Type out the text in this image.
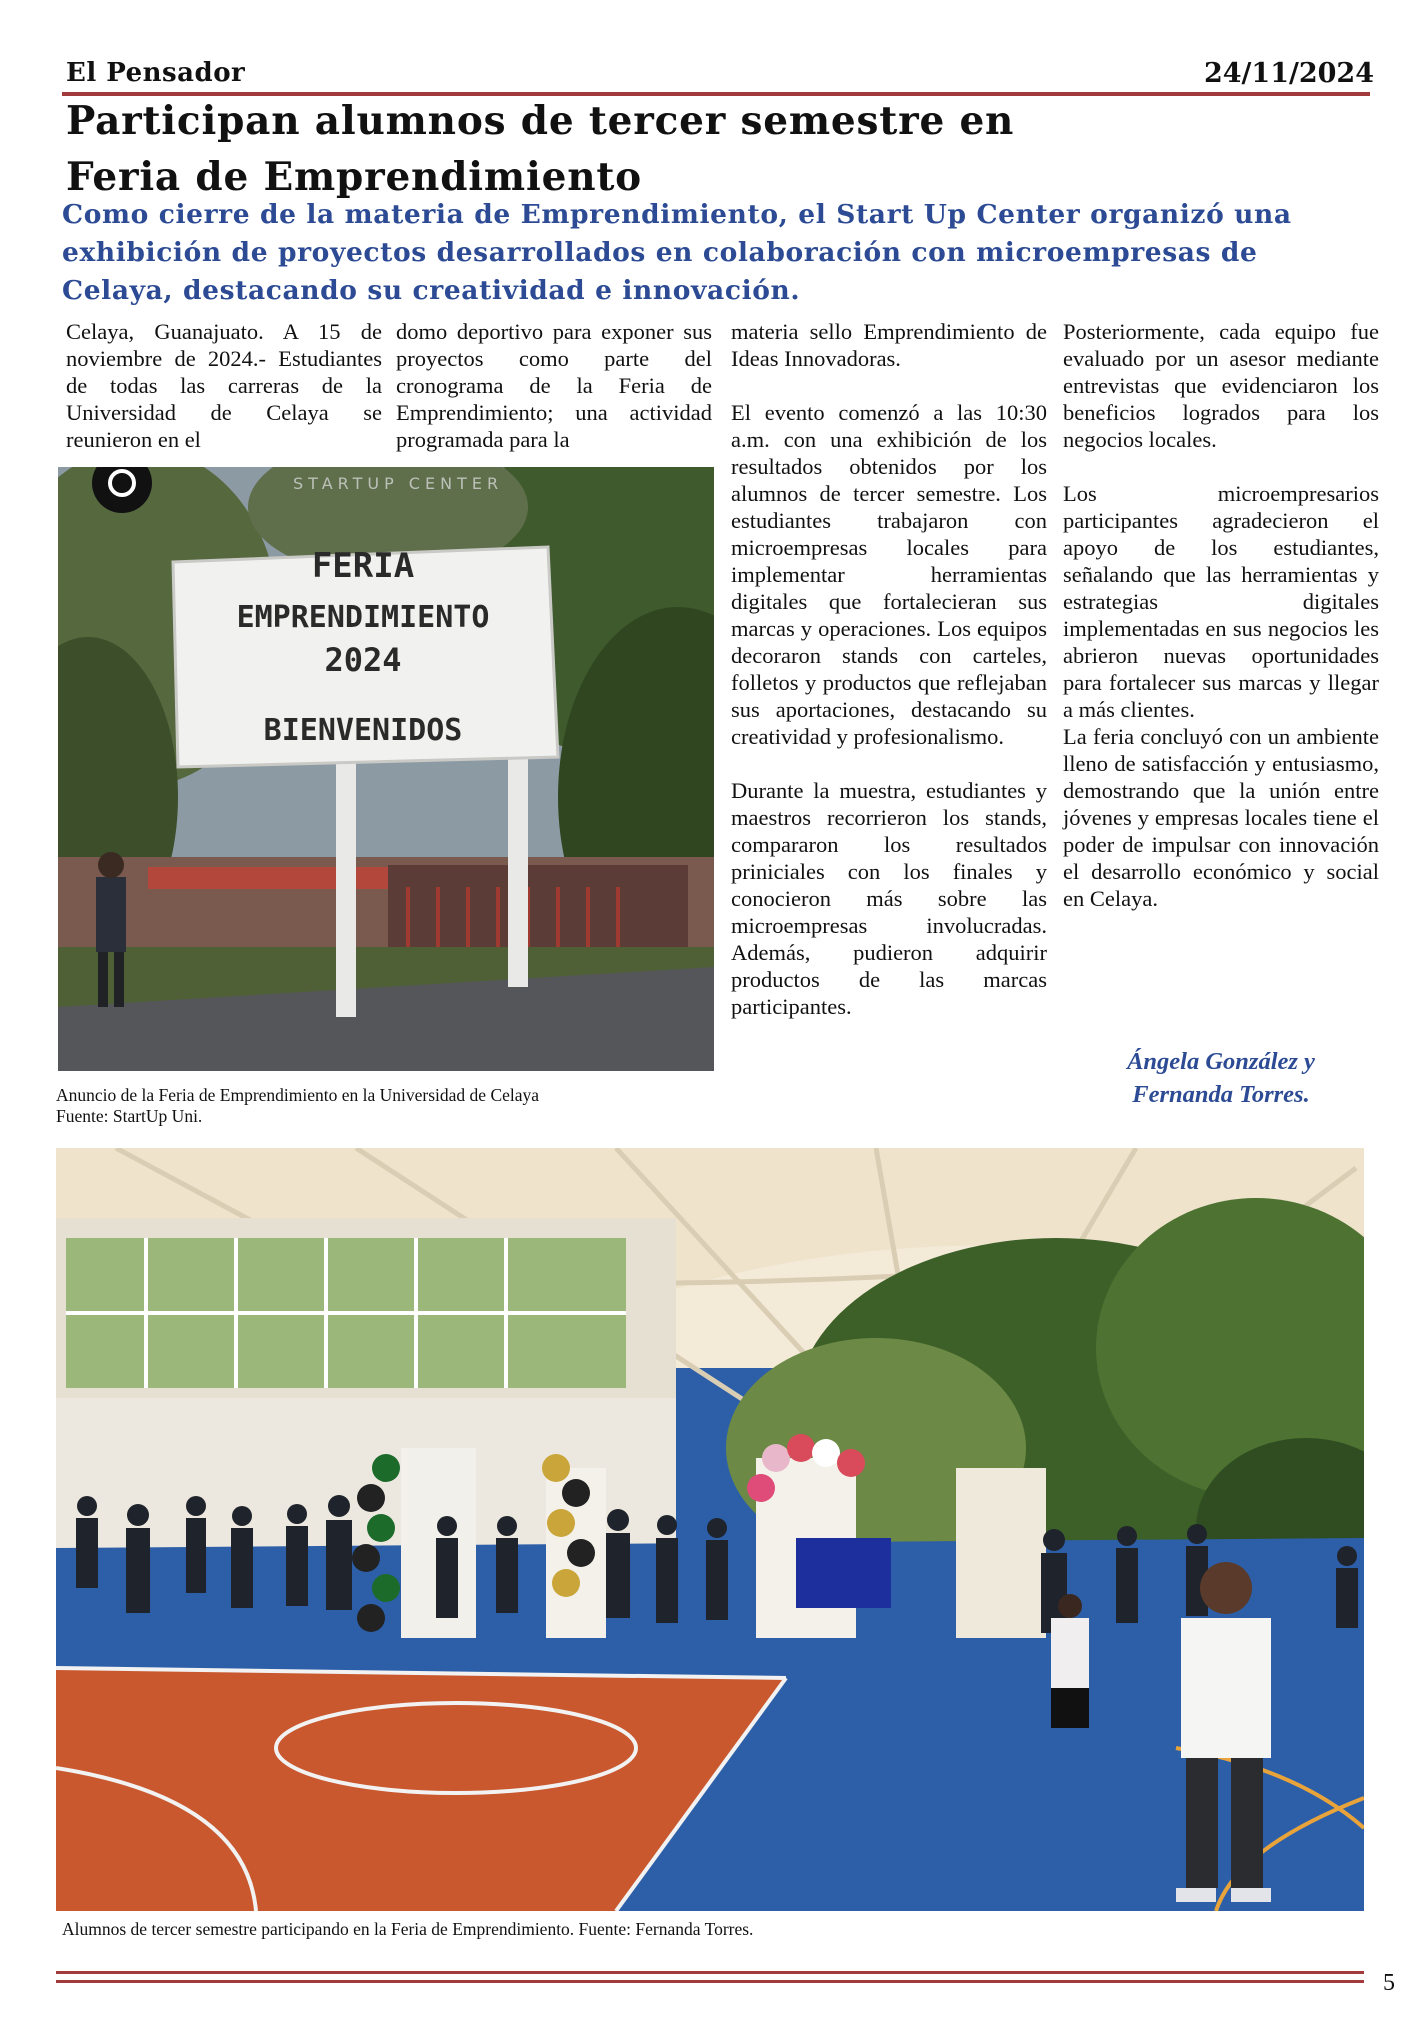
El Pensador	24/11/2024
Participan alumnos de tercer semestre en Feria de Emprendimiento
Como cierre de la materia de Emprendimiento, el Start Up Center organizó una exhibición de proyectos desarrollados en colaboración con microempresas de Celaya, destacando su creatividad e innovación.

Celaya, Guanajuato. A 15 de noviembre de 2024.- Estudiantes de todas las carreras de la Universidad de Celaya se reunieron en el

domo deportivo para exponer sus proyectos como parte del cronograma de la Feria de Emprendimiento; una actividad programada para la

FERIA
EMPRENDIMIENTO
2024
BIENVENIDOS
STARTUP CENTER
Anuncio de la Feria de Emprendimiento en la Universidad de Celaya
Fuente: StartUp Uni.

materia sello Emprendimiento de Ideas Innovadoras.

El evento comenzó a las 10:30 a.m. con una exhibición de los resultados obtenidos por los alumnos de tercer semestre. Los estudiantes trabajaron con microempresas locales para implementar herramientas digitales que fortalecieran sus marcas y operaciones. Los equipos decoraron stands con carteles, folletos y productos que reflejaban sus aportaciones, destacando su creatividad y profesionalismo.

Durante la muestra, estudiantes y maestros recorrieron los stands, compararon los resultados priniciales con los finales y conocieron más sobre las microempresas involucradas. Además, pudieron adquirir productos de las marcas participantes.

Posteriormente, cada equipo fue evaluado por un asesor mediante entrevistas que evidenciaron los beneficios logrados para los negocios locales.

Los microempresarios participantes agradecieron el apoyo de los estudiantes, señalando que las herramientas y estrategias digitales implementadas en sus negocios les abrieron nuevas oportunidades para fortalecer sus marcas y llegar a más clientes.

La feria concluyó con un ambiente lleno de satisfacción y entusiasmo, demostrando que la unión entre jóvenes y empresas locales tiene el poder de impulsar con innovación el desarrollo económico y social en Celaya.

Ángela González y
Fernanda Torres.
Alumnos de tercer semestre participando en la Feria de Emprendimiento. Fuente: Fernanda Torres.
5
